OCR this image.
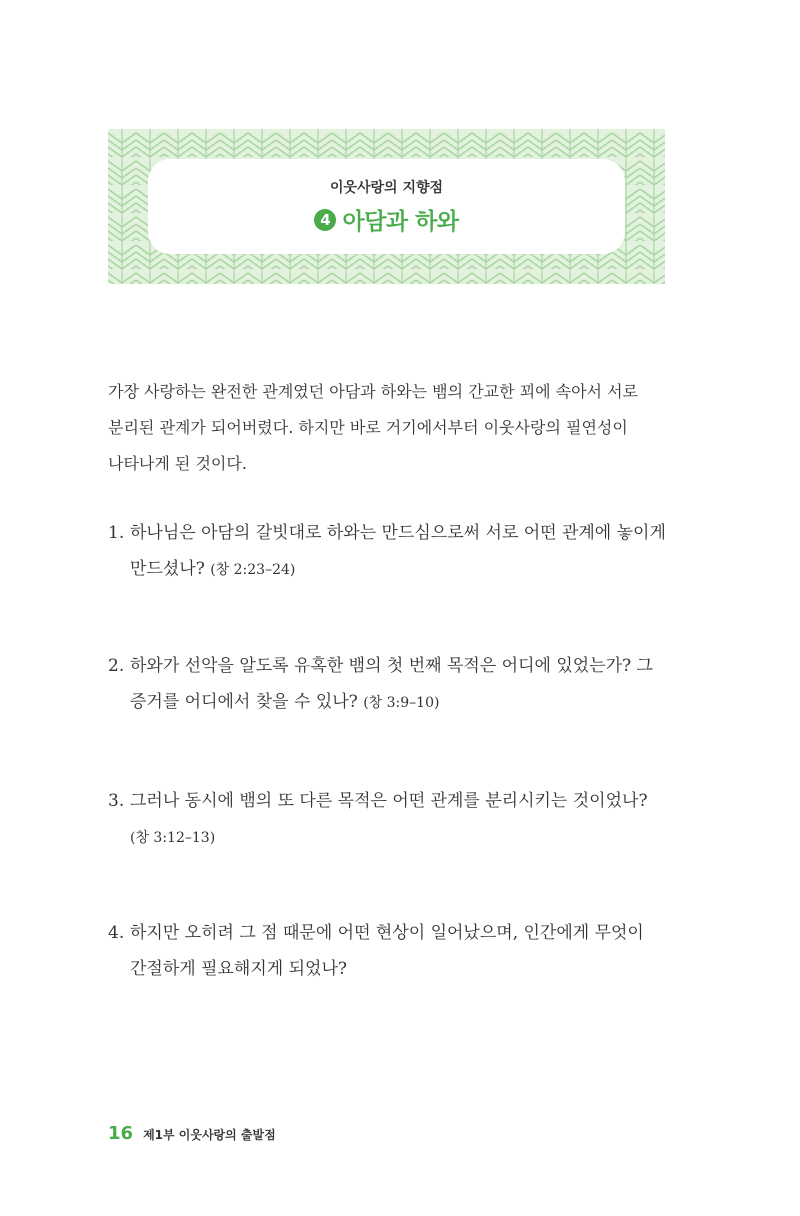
이웃사랑의 지향점
4 아담과 하와

가장 사랑하는 완전한 관계였던 아담과 하와는 뱀의 간교한 꾀에 속아서 서로 분리된 관계가 되어버렸다. 하지만 바로 거기에서부터 이웃사랑의 필연성이 나타나게 된 것이다.

1. 하나님은 아담의 갈빗대로 하와는 만드심으로써 서로 어떤 관계에 놓이게 만드셨나? (창 2:23–24)
2. 하와가 선악을 알도록 유혹한 뱀의 첫 번째 목적은 어디에 있었는가? 그 증거를 어디에서 찾을 수 있나? (창 3:9–10)
3. 그러나 동시에 뱀의 또 다른 목적은 어떤 관계를 분리시키는 것이었나? (창 3:12–13)
4. 하지만 오히려 그 점 때문에 어떤 현상이 일어났으며, 인간에게 무엇이 간절하게 필요해지게 되었나?
16 제1부 이웃사랑의 출발점
